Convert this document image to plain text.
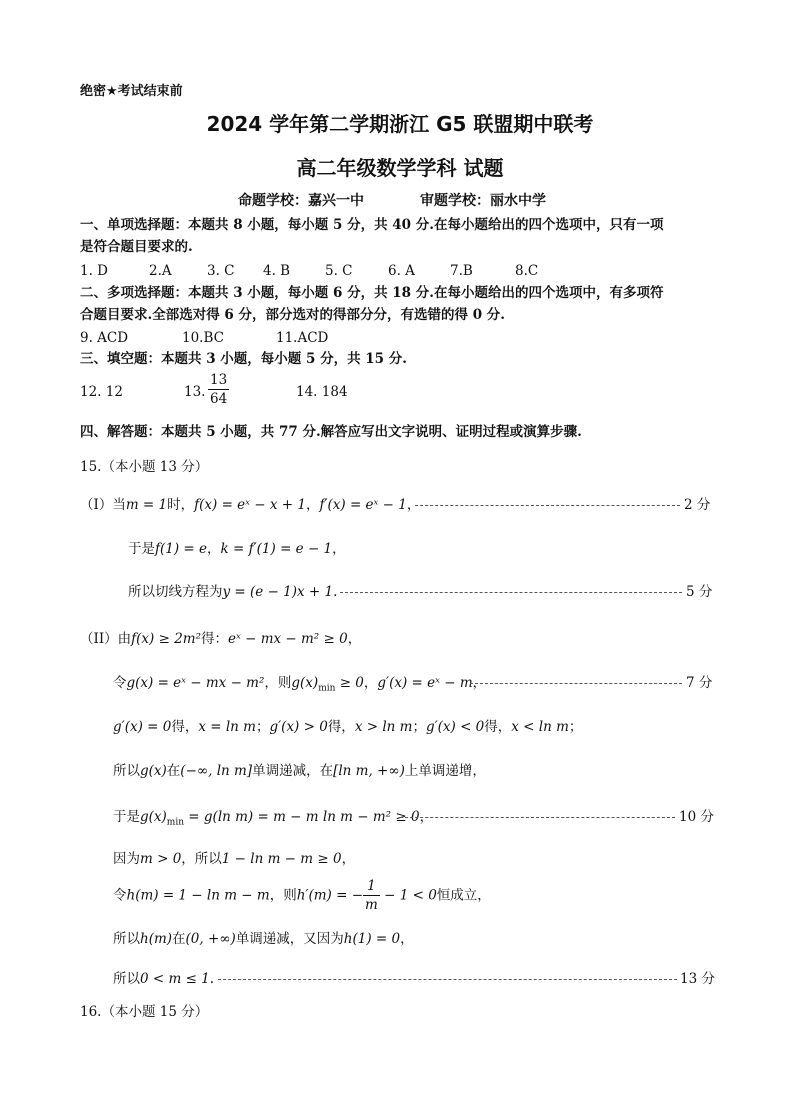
绝密★考试结束前
2024 学年第二学期浙江 G5 联盟期中联考
高二年级数学学科 试题
命题学校：嘉兴一中	审题学校：丽水中学
一、单项选择题：本题共 8 小题，每小题 5 分，共 40 分.在每小题给出的四个选项中，只有一项
是符合题目要求的.
1. D	2.A	3. C 4. B	5. C	6. A	7.B	8.C
二、多项选择题：本题共 3 小题，每小题 6 分，共 18 分.在每小题给出的四个选项中，有多项符
合题目要求.全部选对得 6 分，部分选对的得部分分，有选错的得 0 分.
9. ACD	10.BC	11.ACD
三、填空题：本题共 3 小题，每小题 5 分，共 15 分.
12. 12	13. $\frac{13}{64}$	14. 184
四、解答题：本题共 5 小题，共 77 分.解答应写出文字说明、证明过程或演算步骤.
15.（本小题 13 分）
（I）当m = 1时，f(x) = eˣ − x + 1，f′(x) = eˣ − 1，	2 分
于是f(1) = e，k = f′(1) = e − 1，
所以切线方程为y = (e − 1)x + 1.	5 分
（II）由f(x) ≥ 2m²得：eˣ − mx − m² ≥ 0，
令g(x) = eˣ − mx − m²，则$g(x)_{min} \ge 0$，g′(x) = eˣ − m，	7 分
g′(x) = 0得，x = ln m；g′(x) > 0得，x > ln m；g′(x) < 0得，x < ln m；
所以g(x)在(−∞, ln m]单调递减，在[ln m, +∞)上单调递增，
于是$g(x)_{min} = g(\ln$ m) = m − m ln m − m² ≥ 0，	10 分
因为m > 0，所以1 − ln m − m ≥ 0，
令h(m) = 1 − ln m − m，则h′(m) = − $\frac{1}{m} - 1 < 0$恒成立，
所以h(m)在(0, +∞)单调递减，又因为h(1) = 0，
所以0 < m ≤ 1.	13 分
16.（本小题 15 分）
